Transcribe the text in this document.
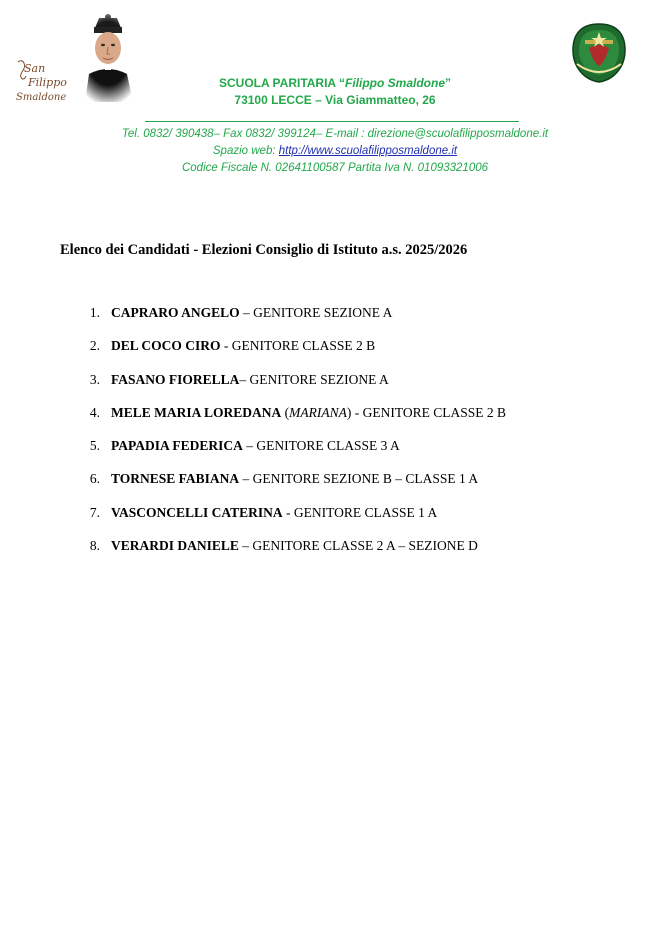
San
Filippo
Smaldone
SCUOLA PARITARIA “Filippo Smaldone”
73100 LECCE – Via Giammatteo, 26
Tel. 0832/ 390438– Fax 0832/ 399124– E-mail : direzione@scuolafilipposmaldone.it
Spazio web: http://www.scuolafilipposmaldone.it
Codice Fiscale N. 02641100587 Partita Iva N. 01093321006
Elenco dei Candidati - Elezioni Consiglio di Istituto a.s. 2025/2026
1. CAPRARO ANGELO – GENITORE SEZIONE A
2. DEL COCO CIRO - GENITORE CLASSE 2 B
3. FASANO FIORELLA– GENITORE SEZIONE A
4. MELE MARIA LOREDANA (MARIANA) - GENITORE CLASSE 2 B
5. PAPADIA FEDERICA – GENITORE CLASSE 3 A
6. TORNESE FABIANA – GENITORE SEZIONE B – CLASSE 1 A
7. VASCONCELLI CATERINA - GENITORE CLASSE 1 A
8. VERARDI DANIELE – GENITORE CLASSE 2 A – SEZIONE D
